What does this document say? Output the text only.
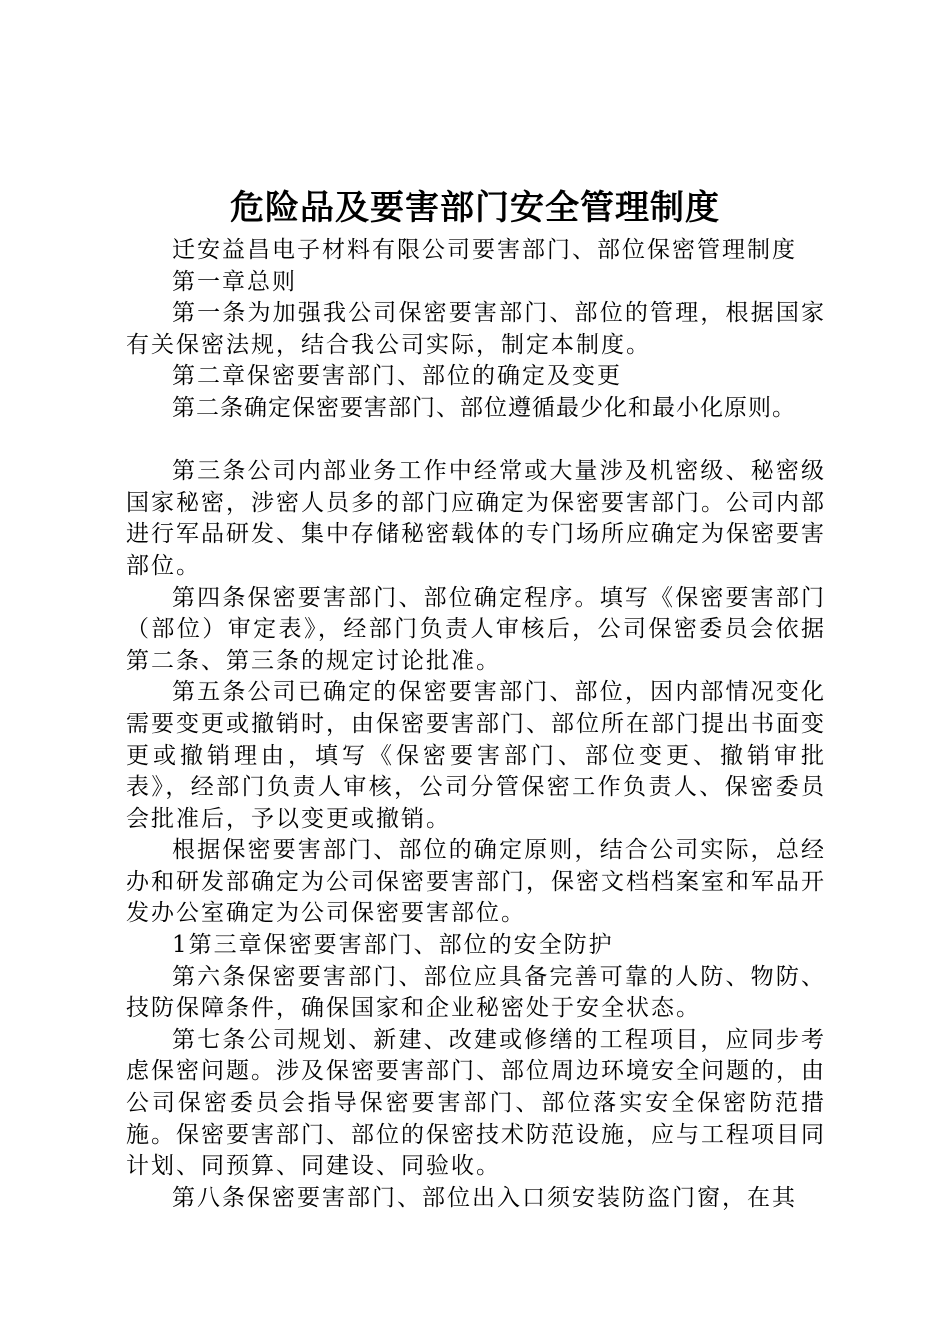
危险品及要害部门安全管理制度

迁安益昌电子材料有限公司要害部门、部位保密管理制度

第一章总则

第一条为加强我公司保密要害部门、部位的管理，根据国家有关保密法规，结合我公司实际，制定本制度。

第二章保密要害部门、部位的确定及变更

第二条确定保密要害部门、部位遵循最少化和最小化原则。

第三条公司内部业务工作中经常或大量涉及机密级、秘密级国家秘密，涉密人员多的部门应确定为保密要害部门。公司内部进行军品研发、集中存储秘密载体的专门场所应确定为保密要害部位。

第四条保密要害部门、部位确定程序。填写《保密要害部门（部位）审定表》，经部门负责人审核后，公司保密委员会依据第二条、第三条的规定讨论批准。

第五条公司已确定的保密要害部门、部位，因内部情况变化需要变更或撤销时，由保密要害部门、部位所在部门提出书面变更或撤销理由，填写《保密要害部门、部位变更、撤销审批表》，经部门负责人审核，公司分管保密工作负责人、保密委员会批准后，予以变更或撤销。

根据保密要害部门、部位的确定原则，结合公司实际，总经办和研发部确定为公司保密要害部门，保密文档档案室和军品开发办公室确定为公司保密要害部位。

1第三章保密要害部门、部位的安全防护

第六条保密要害部门、部位应具备完善可靠的人防、物防、技防保障条件，确保国家和企业秘密处于安全状态。

第七条公司规划、新建、改建或修缮的工程项目，应同步考虑保密问题。涉及保密要害部门、部位周边环境安全问题的，由公司保密委员会指导保密要害部门、部位落实安全保密防范措施。保密要害部门、部位的保密技术防范设施，应与工程项目同计划、同预算、同建设、同验收。

第八条保密要害部门、部位出入口须安装防盗门窗，在其
